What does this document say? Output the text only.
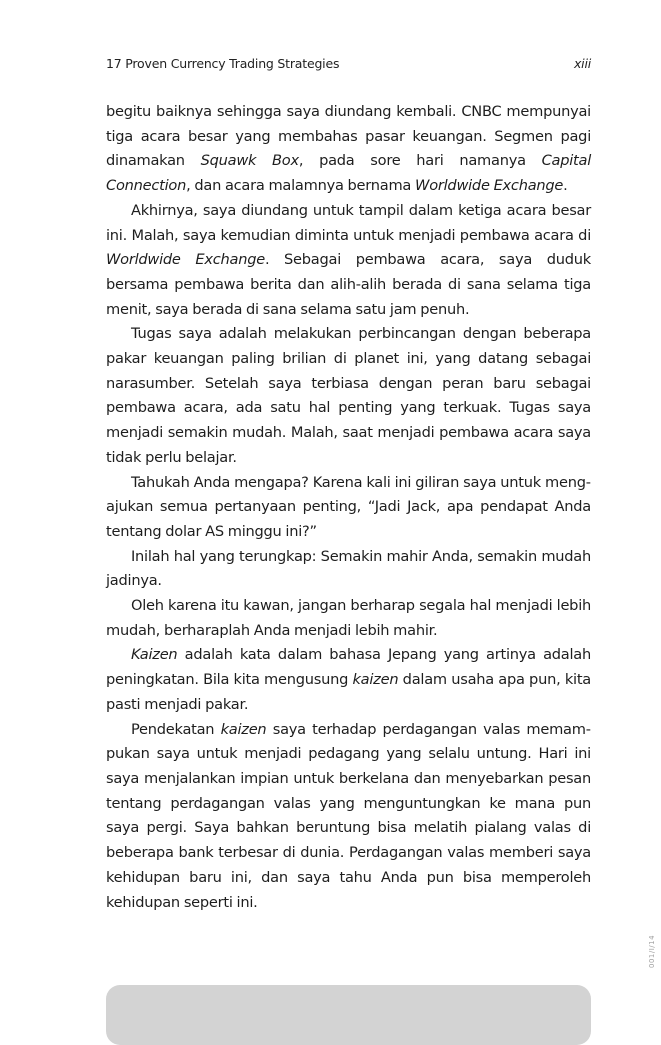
17 Proven Currency Trading Strategies	xiii

begitu baiknya sehingga saya diundang kembali. CNBC mempunyai tiga acara besar yang membahas pasar keuangan. Segmen pagi dinamakan Squawk Box, pada sore hari namanya Capital Connection, dan acara malamnya bernama Worldwide Exchange.

Akhirnya, saya diundang untuk tampil dalam ketiga acara besar ini. Malah, saya kemudian diminta untuk menjadi pembawa acara di Worldwide Exchange. Sebagai pembawa acara, saya duduk bersama pembawa berita dan alih-alih berada di sana selama tiga menit, saya berada di sana selama satu jam penuh.

Tugas saya adalah melakukan perbincangan dengan beberapa pakar keuangan paling brilian di planet ini, yang datang sebagai narasumber. Setelah saya terbiasa dengan peran baru sebagai pembawa acara, ada satu hal penting yang terkuak. Tugas saya menjadi semakin mudah. Malah, saat menjadi pembawa acara saya tidak perlu belajar.

Tahukah Anda mengapa? Karena kali ini giliran saya untuk mengajukan semua pertanyaan penting, “Jadi Jack, apa pendapat Anda tentang dolar AS minggu ini?”

Inilah hal yang terungkap: Semakin mahir Anda, semakin mudah jadinya.

Oleh karena itu kawan, jangan berharap segala hal menjadi lebih mudah, berharaplah Anda menjadi lebih mahir.

Kaizen adalah kata dalam bahasa Jepang yang artinya adalah peningkatan. Bila kita mengusung kaizen dalam usaha apa pun, kita pasti menjadi pakar.

Pendekatan kaizen saya terhadap perdagangan valas memampukan saya untuk menjadi pedagang yang selalu untung. Hari ini saya menjalankan impian untuk berkelana dan menyebarkan pesan tentang perdagangan valas yang menguntungkan ke mana pun saya pergi. Saya bahkan beruntung bisa melatih pialang valas di beberapa bank terbesar di dunia. Perdagangan valas memberi saya kehidupan baru ini, dan saya tahu Anda pun bisa memperoleh kehidupan seperti ini.

001/I/14
